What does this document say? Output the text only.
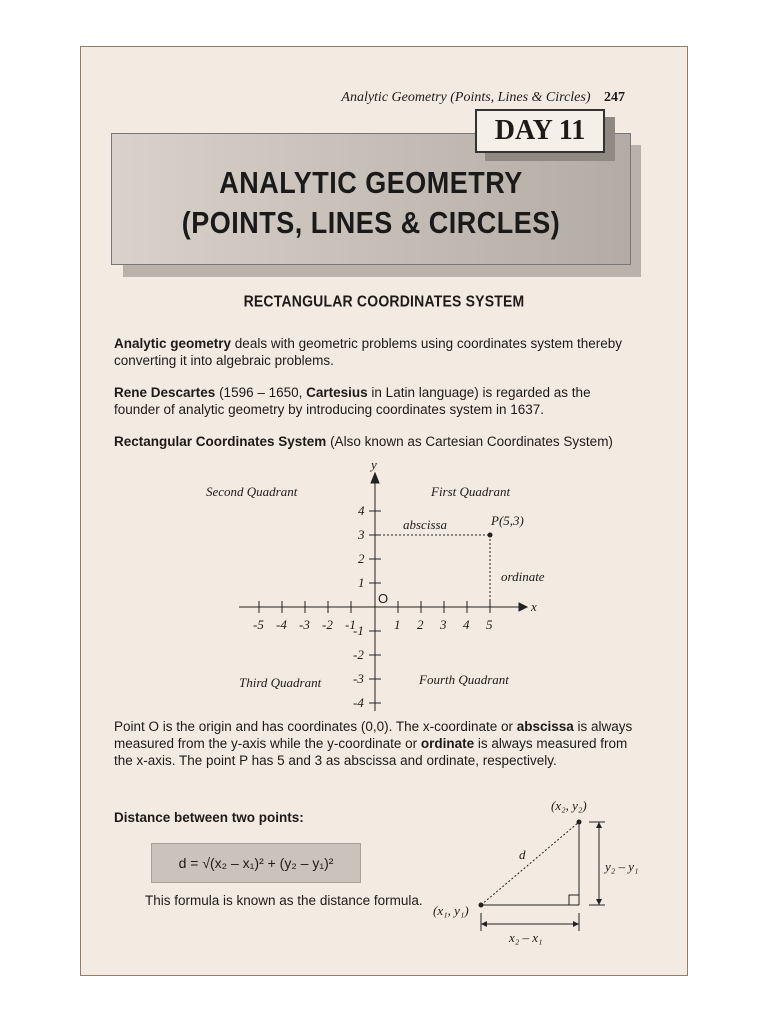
Analytic Geometry (Points, Lines & Circles) 247
ANALYTIC GEOMETRY
(POINTS, LINES & CIRCLES)
DAY 11
RECTANGULAR COORDINATES SYSTEM
Analytic geometry deals with geometric problems using coordinates system thereby converting it into algebraic problems.
Rene Descartes (1596 – 1650, Cartesius in Latin language) is regarded as the founder of analytic geometry by introducing coordinates system in 1637.
Rectangular Coordinates System (Also known as Cartesian Coordinates System)
y
x
Second Quadrant	First Quadrant
Third Quadrant	Fourth Quadrant
P(5,3)
abscissa
ordinate
-5 -4 -3 -2 -1	1 2 3 4 5
1
2
3
4
-1
-2
-3
-4
O
Point O is the origin and has coordinates (0,0). The x-coordinate or abscissa is always measured from the y-axis while the y-coordinate or ordinate is always measured from the x-axis. The point P has 5 and 3 as abscissa and ordinate, respectively.
Distance between two points:
d = √(x₂ – x₁)² + (y₂ – y₁)²
This formula is known as the distance formula.
(x₂, y₂)
(x₁, y₁)
d
y₂ – y₁
x₂ – x₁
